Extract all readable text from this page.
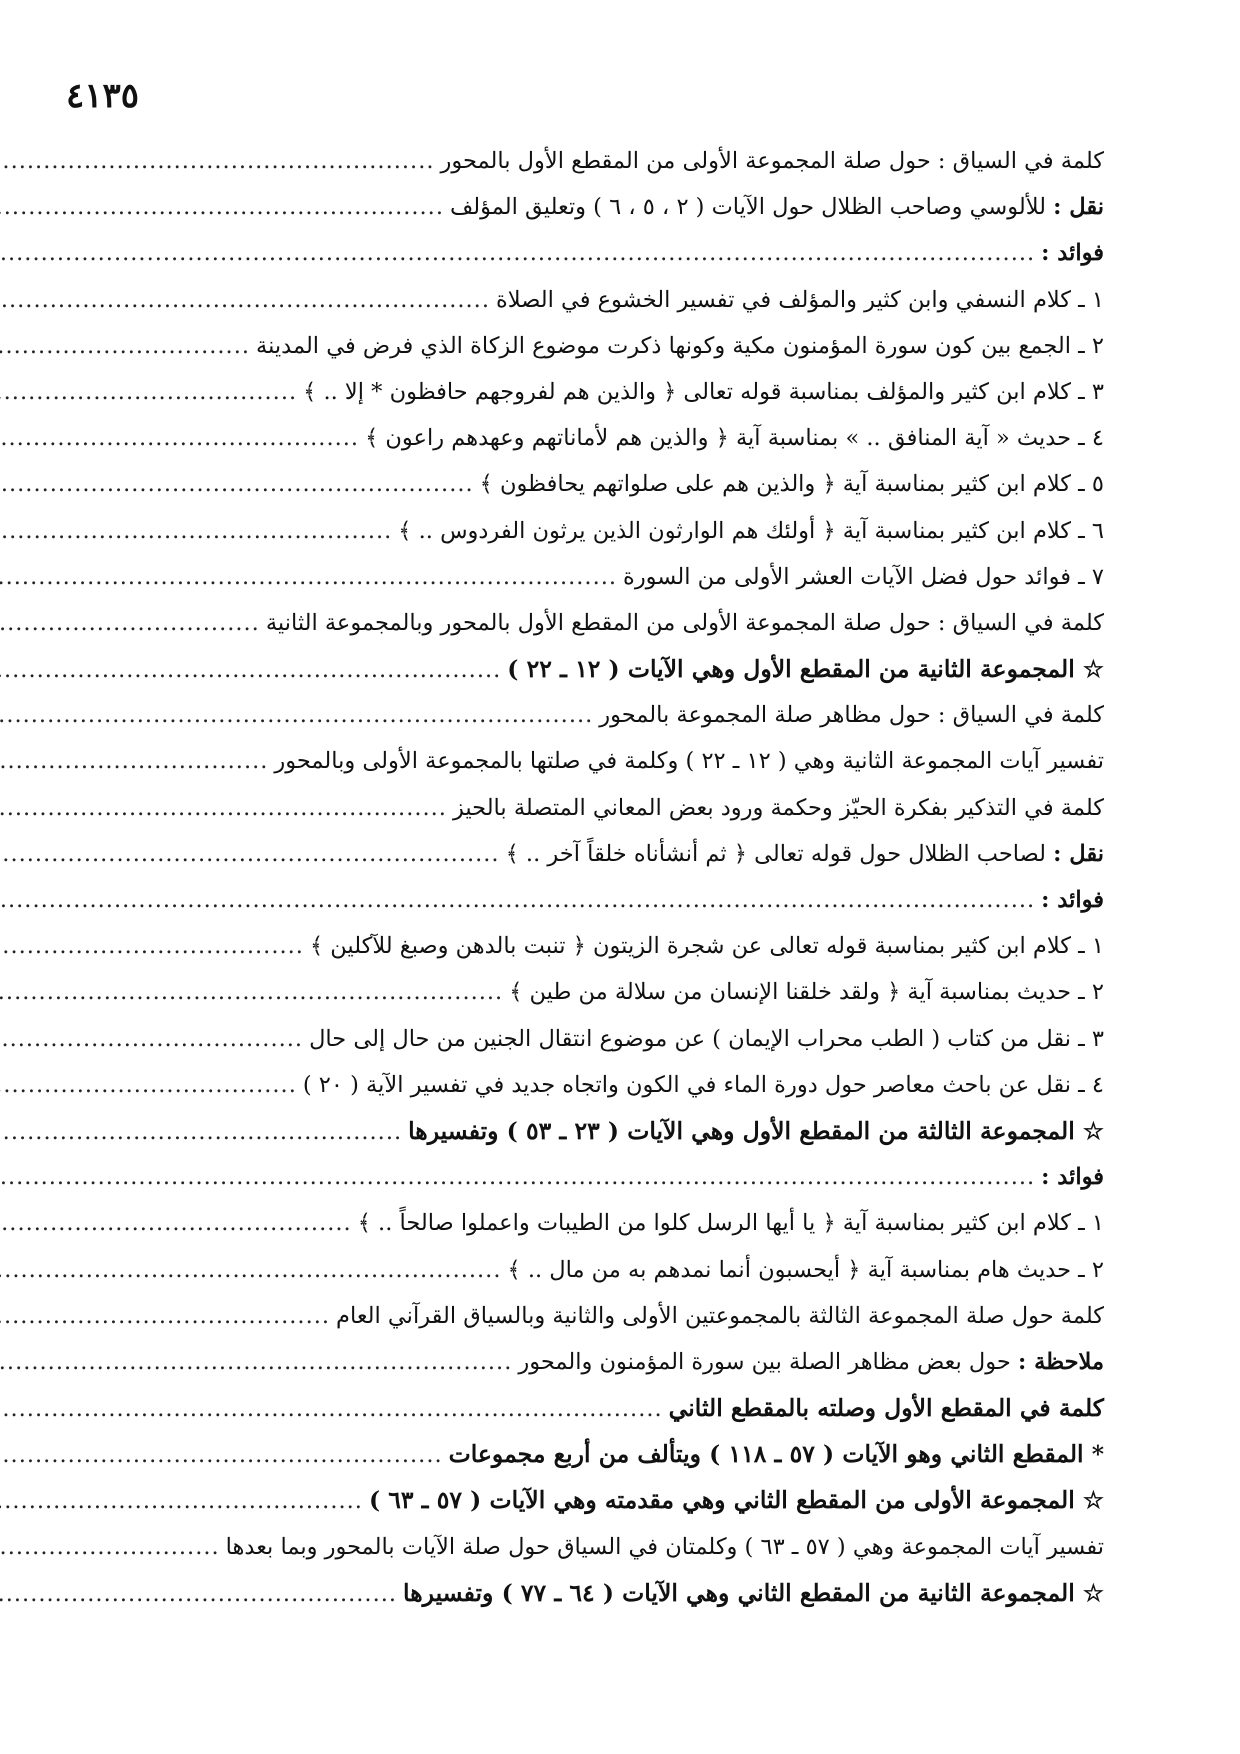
٤١٣٥
كلمة في السياق : حول صلة المجموعة الأولى من المقطع الأول بالمحور
.....
نقل : للألوسي وصاحب الظلال حول الآيات ( ٢ ، ٥ ، ٦ ) وتعليق المؤلف
.....
فوائد :
.....
١ ـ كلام النسفي وابن كثير والمؤلف في تفسير الخشوع في الصلاة
.....
٢ ـ الجمع بين كون سورة المؤمنون مكية وكونها ذكرت موضوع الزكاة الذي فرض في المدينة
.....
٣ ـ كلام ابن كثير والمؤلف بمناسبة قوله تعالى ﴿ والذين هم لفروجهم حافظون * إلا .. ﴾
.....
٤ ـ حديث « آية المنافق .. » بمناسبة آية ﴿ والذين هم لأماناتهم وعهدهم راعون ﴾
.....
٥ ـ كلام ابن كثير بمناسبة آية ﴿ والذين هم على صلواتهم يحافظون ﴾
.....
٦ ـ كلام ابن كثير بمناسبة آية ﴿ أولئك هم الوارثون الذين يرثون الفردوس .. ﴾
.....
٧ ـ فوائد حول فضل الآيات العشر الأولى من السورة
.....
كلمة في السياق : حول صلة المجموعة الأولى من المقطع الأول بالمحور وبالمجموعة الثانية
.....
☆ المجموعة الثانية من المقطع الأول وهي الآيات ( ١٢ ـ ٢٢ )
.....
كلمة في السياق : حول مظاهر صلة المجموعة بالمحور
.....
تفسير آيات المجموعة الثانية وهي ( ١٢ ـ ٢٢ ) وكلمة في صلتها بالمجموعة الأولى وبالمحور
.....
كلمة في التذكير بفكرة الحيّز وحكمة ورود بعض المعاني المتصلة بالحيز
.....
نقل : لصاحب الظلال حول قوله تعالى ﴿ ثم أنشأناه خلقاً آخر .. ﴾
.....
فوائد :
.....
١ ـ كلام ابن كثير بمناسبة قوله تعالى عن شجرة الزيتون ﴿ تنبت بالدهن وصبغ للآكلين ﴾
.....
٢ ـ حديث بمناسبة آية ﴿ ولقد خلقنا الإنسان من سلالة من طين ﴾
.....
٣ ـ نقل من كتاب ( الطب محراب الإيمان ) عن موضوع انتقال الجنين من حال إلى حال
.....
٤ ـ نقل عن باحث معاصر حول دورة الماء في الكون واتجاه جديد في تفسير الآية ( ٢٠ )
.....
☆ المجموعة الثالثة من المقطع الأول وهي الآيات ( ٢٣ ـ ٥٣ ) وتفسيرها
.....
فوائد :
.....
١ ـ كلام ابن كثير بمناسبة آية ﴿ يا أيها الرسل كلوا من الطيبات واعملوا صالحاً .. ﴾
.....
٢ ـ حديث هام بمناسبة آية ﴿ أيحسبون أنما نمدهم به من مال .. ﴾
.....
كلمة حول صلة المجموعة الثالثة بالمجموعتين الأولى والثانية وبالسياق القرآني العام
.....
ملاحظة : حول بعض مظاهر الصلة بين سورة المؤمنون والمحور
.....
كلمة في المقطع الأول وصلته بالمقطع الثاني
.....
* المقطع الثاني وهو الآيات ( ٥٧ ـ ١١٨ ) ويتألف من أربع مجموعات
.....
☆ المجموعة الأولى من المقطع الثاني وهي مقدمته وهي الآيات ( ٥٧ ـ ٦٣ )
.....
تفسير آيات المجموعة وهي ( ٥٧ ـ ٦٣ ) وكلمتان في السياق حول صلة الآيات بالمحور وبما بعدها
.....
☆ المجموعة الثانية من المقطع الثاني وهي الآيات ( ٦٤ ـ ٧٧ ) وتفسيرها
.....
